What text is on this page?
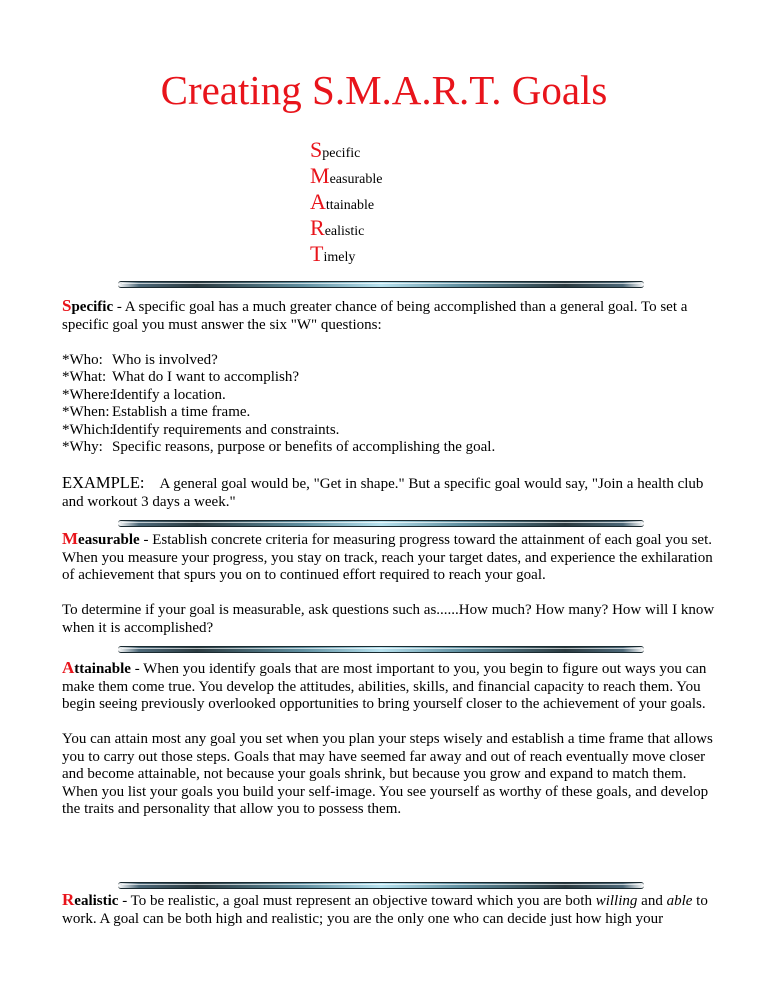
Creating S.M.A.R.T. Goals
Specific
Measurable
Attainable
Realistic
Timely

Specific - A specific goal has a much greater chance of being accomplished than a general goal. To set a specific goal you must answer the six "W" questions:

*Who: Who is involved?
*What: What do I want to accomplish?
*Where:
Identify a location.
*When: Establish a time frame.
*Which:
Identify requirements and constraints.
*Why: Specific reasons, purpose or benefits of accomplishing the goal.

EXAMPLE: A general goal would be, "Get in shape." But a specific goal would say, "Join a health club and workout 3 days a week."

Measurable - Establish concrete criteria for measuring progress toward the attainment of each goal you set. When you measure your progress, you stay on track, reach your target dates, and experience the exhilaration of achievement that spurs you on to continued effort required to reach your goal.

To determine if your goal is measurable, ask questions such as......How much? How many? How will I know when it is accomplished?

Attainable - When you identify goals that are most important to you, you begin to figure out ways you can make them come true. You develop the attitudes, abilities, skills, and financial capacity to reach them. You begin seeing previously overlooked opportunities to bring yourself closer to the achievement of your goals.

You can attain most any goal you set when you plan your steps wisely and establish a time frame that allows you to carry out those steps. Goals that may have seemed far away and out of reach eventually move closer and become attainable, not because your goals shrink, but because you grow and expand to match them. When you list your goals you build your self-image. You see yourself as worthy of these goals, and develop the traits and personality that allow you to possess them.

Realistic - To be realistic, a goal must represent an objective toward which you are both willing and able to work. A goal can be both high and realistic; you are the only one who can decide just how high your
